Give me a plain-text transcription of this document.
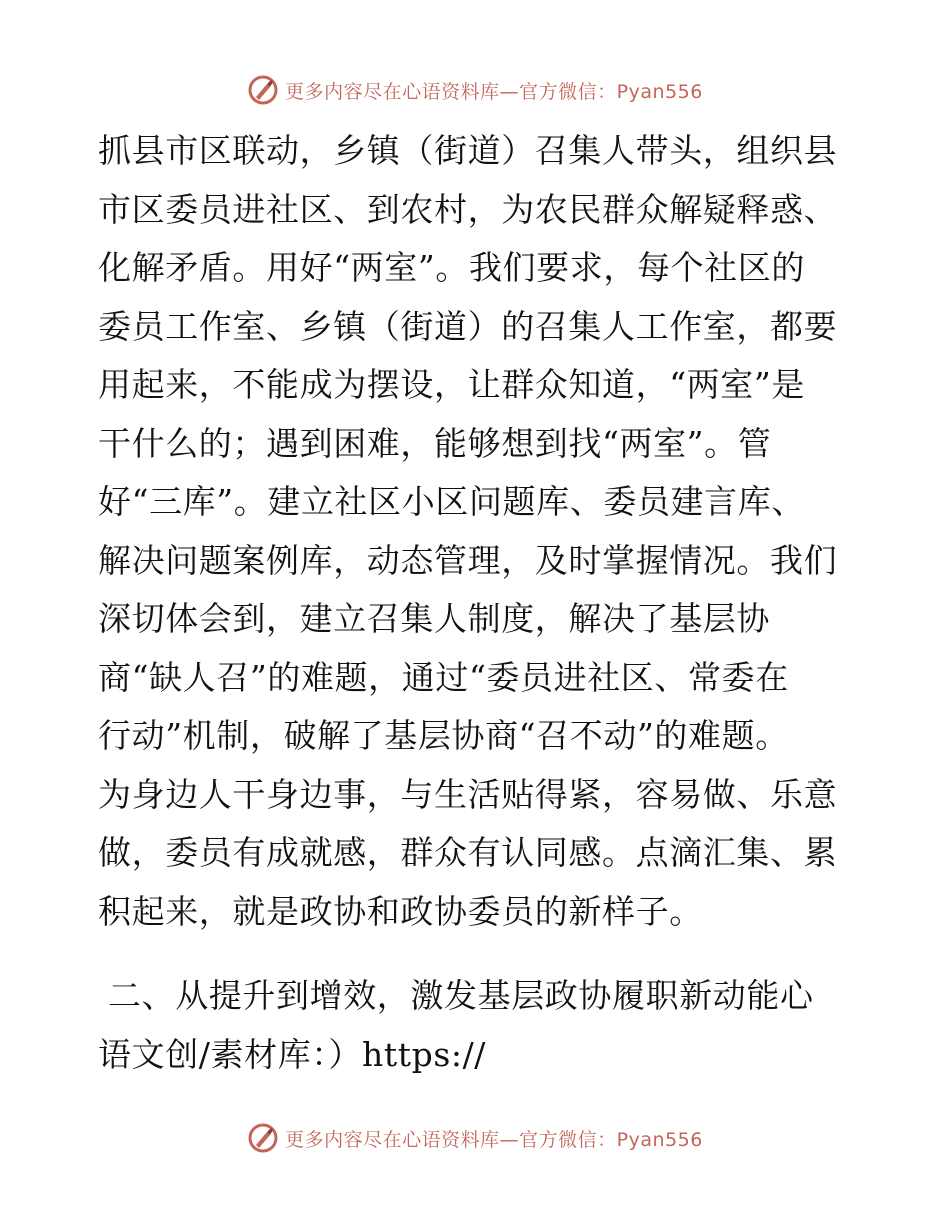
更多内容尽在心语资料库—官方微信：Pyan556
抓县市区联动，乡镇（街道）召集人带头，组织县
市区委员进社区、到农村，为农民群众解疑释惑、
化解矛盾。用好“两室”。我们要求，每个社区的
委员工作室、乡镇（街道）的召集人工作室，都要
用起来，不能成为摆设，让群众知道，“两室”是
干什么的；遇到困难，能够想到找“两室”。管
好“三库”。建立社区小区问题库、委员建言库、
解决问题案例库，动态管理，及时掌握情况。我们
深切体会到，建立召集人制度，解决了基层协
商“缺人召”的难题，通过“委员进社区、常委在
行动”机制，破解了基层协商“召不动”的难题。
为身边人干身边事，与生活贴得紧，容易做、乐意
做，委员有成就感，群众有认同感。点滴汇集、累
积起来，就是政协和政协委员的新样子。
二、从提升到增效，激发基层政协履职新动能心
语文创/素材库：）https://
更多内容尽在心语资料库—官方微信：Pyan556
